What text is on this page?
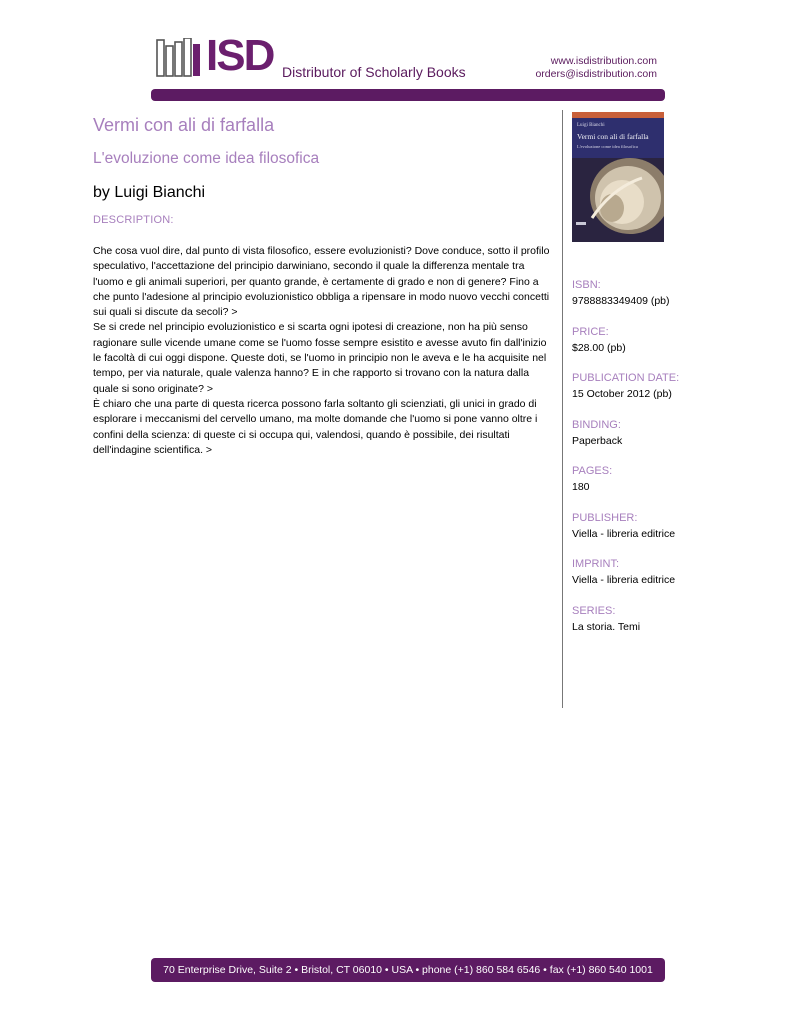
ISD Distributor of Scholarly Books
www.isdistribution.com
orders@isdistribution.com
Vermi con ali di farfalla
L'evoluzione come idea filosofica
by Luigi Bianchi
DESCRIPTION:

Che cosa vuol dire, dal punto di vista filosofico, essere evoluzionisti? Dove conduce, sotto il profilo speculativo, l'accettazione del principio darwiniano, secondo il quale la differenza mentale tra l'uomo e gli animali superiori, per quanto grande, è certamente di grado e non di genere? Fino a che punto l'adesione al principio evoluzionistico obbliga a ripensare in modo nuovo vecchi concetti sui quali si discute da secoli? >

Se si crede nel principio evoluzionistico e si scarta ogni ipotesi di creazione, non ha più senso ragionare sulle vicende umane come se l'uomo fosse sempre esistito e avesse avuto fin dall'inizio le facoltà di cui oggi dispone. Queste doti, se l'uomo in principio non le aveva e le ha acquisite nel tempo, per via naturale, quale valenza hanno? E in che rapporto si trovano con la natura dalla quale si sono originate? >

È chiaro che una parte di questa ricerca possono farla soltanto gli scienziati, gli unici in grado di esplorare i meccanismi del cervello umano, ma molte domande che l'uomo si pone vanno oltre i confini della scienza: di queste ci si occupa qui, valendosi, quando è possibile, dei risultati dell'indagine scientifica. >

Luigi Bianchi
Vermi con ali di farfalla
L'evoluzione come idea filosofica
ISBN:
9788883349409 (pb)
PRICE:
$28.00 (pb)
PUBLICATION DATE:
15 October 2012 (pb)
BINDING:
Paperback
PAGES:
180
PUBLISHER:
Viella - libreria editrice
IMPRINT:
Viella - libreria editrice
SERIES:
La storia. Temi
70 Enterprise Drive, Suite 2 • Bristol, CT 06010 • USA • phone (+1) 860 584 6546 • fax (+1) 860 540 1001
